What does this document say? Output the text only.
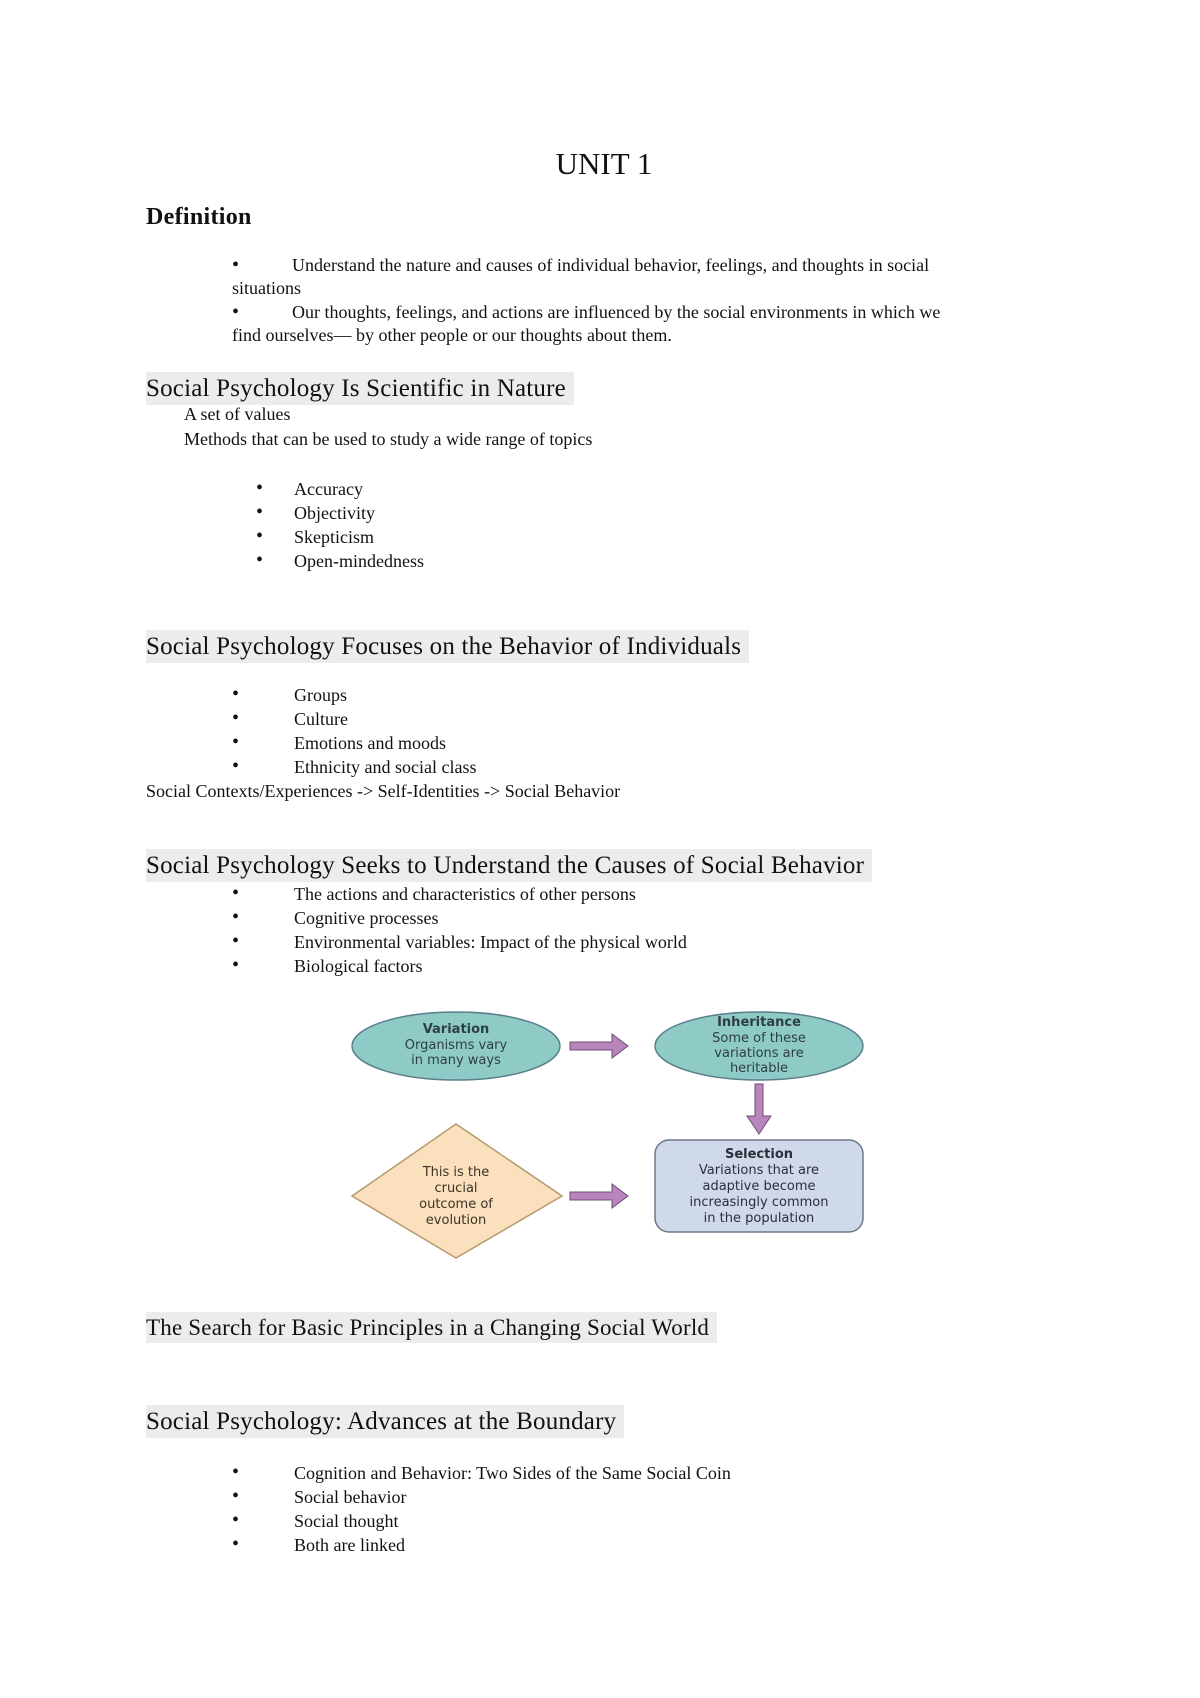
UNIT 1
Definition
•	Understand the nature and causes of individual behavior, feelings, and thoughts in social
situations
•	Our thoughts, feelings, and actions are influenced by the social environments in which we
find ourselves— by other people or our thoughts about them.
Social Psychology Is Scientific in Nature
A set of values
Methods that can be used to study a wide range of topics
• Accuracy
• Objectivity
• Skepticism
• Open-mindedness
Social Psychology Focuses on the Behavior of Individuals
• Groups
• Culture
• Emotions and moods
• Ethnicity and social class
Social Contexts/Experiences -> Self-Identities -> Social Behavior
Social Psychology Seeks to Understand the Causes of Social Behavior
• The actions and characteristics of other persons
• Cognitive processes
• Environmental variables: Impact of the physical world
• Biological factors
Variation
Organisms vary
in many ways
Inheritance
Some of these
variations are
heritable
This is the
crucial
outcome of
evolution
Selection
Variations that are
adaptive become
increasingly common
in the population
The Search for Basic Principles in a Changing Social World
Social Psychology: Advances at the Boundary
• Cognition and Behavior: Two Sides of the Same Social Coin
• Social behavior
• Social thought
• Both are linked
